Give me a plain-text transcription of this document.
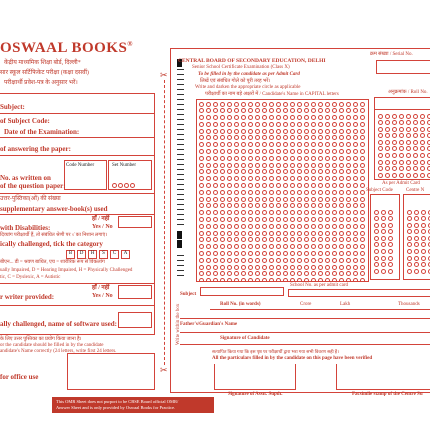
OSWAAL BOOKS®
केंद्रीय माध्यमिक शिक्षा बोर्ड, दिल्ली*
सार स्कूल सर्टिफिकेट परीक्षा (कक्षा दसवीं)
परीक्षार्थी प्रवेश-पत्र के अनुसार भरें।
Subject:
of Subject Code:
Date of the Examination:
of answering the paper:
Code Number	Set Number
No. as written on
of the question paper:
उत्तर-पुस्तिका(ओं) की संख्या
supplementary answer-book(s) used
हाँ / नहीं
with Disabilities:	Yes / No
दिव्यांग परीक्षार्थी हैं, तो संबंधित श्रेणी पर √ का निशान लगाएं।
ically challenged, tick the category
B	D	H	S	C	A
बीएन... डी = श्रवण बाधित, एच = शारीरिक रूप से विकलांग
ually Impaired, D = Hearing Impaired, H = Physically Challenged
tic, C = Dyslexic, A = Autistic
हाँ / नहीं
r writer provided:	Yes / No
ally challenged, name of software used:
के लिए उत्तर पुस्तिका का प्रयोग किया जाना है।
or the candidate should be filled in by the candidate
andidate's Name correctly (24 letters, write first 24 letters.
for office use
This OMR Sheet does not purport to be CBSE Board official OMR/
Answer Sheet and is only provided by Oswaal Books for Practice.
✂
✂
CENTRAL BOARD OF SECONDARY EDUCATION, DELHI
Senior School Certificate Examination (Class X)
To be filled in by the candidate as per Admit Card
लिखें एवं संबंधित गोले को पूरी तरह भरें।
Write and darken the appropriate circle as applicable
परीक्षार्थी का नाम बड़े अक्षरों में / Candidate's Name in CAPITAL letters
क्रम संख्या / Serial No.
अनुक्रमांक / Roll No.
As per Admit Card
Subject Code	Centre N
School No. as per admit card
Subject
Write within the box	Roll No. (in words)	Crore	Lakh	Thousands
Father's/Guardian's Name
Signature of Candidate
सत्यापित किया गया कि इस पृष्ठ पर परीक्षार्थी द्वारा भरा गया सभी विवरण सही है।
All the particulars filled in by the candidate on this page have been verified
Signature of Asstt. Supdt.	Facsimile stamp of the Centre Su
